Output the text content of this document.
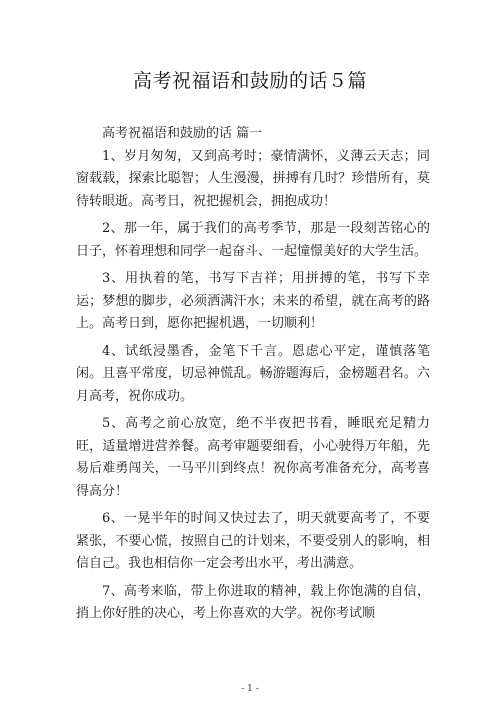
高考祝福语和鼓励的话５篇

高考祝福语和鼓励的话 篇一

1、岁月匆匆，又到高考时；豪情满怀，义薄云天志；同窗载载，探索比聪智；人生漫漫，拼搏有几时？珍惜所有，莫待转眼逝。高考日，祝把握机会，拥抱成功！

2、那一年，属于我们的高考季节，那是一段刻苦铭心的日子，怀着理想和同学一起奋斗、一起憧憬美好的大学生活。

3、用执着的笔，书写下吉祥；用拼搏的笔，书写下幸运；梦想的脚步，必须洒满汗水；未来的希望，就在高考的路上。高考日到，愿你把握机遇，一切顺利！

4、试纸浸墨香，金笔下千言。恩虑心平定，谨慎落笔闲。且喜平常度，切忌神慌乱。畅游题海后，金榜题君名。六月高考，祝你成功。

5、高考之前心放宽，绝不半夜把书看，睡眠充足精力旺，适量增进营养餐。高考审题要细看，小心驶得万年船，先易后难勇闯关，一马平川到终点！祝你高考准备充分，高考喜得高分！

6、一晃半年的时间又快过去了，明天就要高考了，不要紧张，不要心慌，按照自己的计划来，不要受别人的影响，相信自己。我也相信你一定会考出水平，考出满意。

7、高考来临，带上你进取的精神，载上你饱满的自信，捎上你好胜的决心，考上你喜欢的大学。祝你考试顺

- 1 -
